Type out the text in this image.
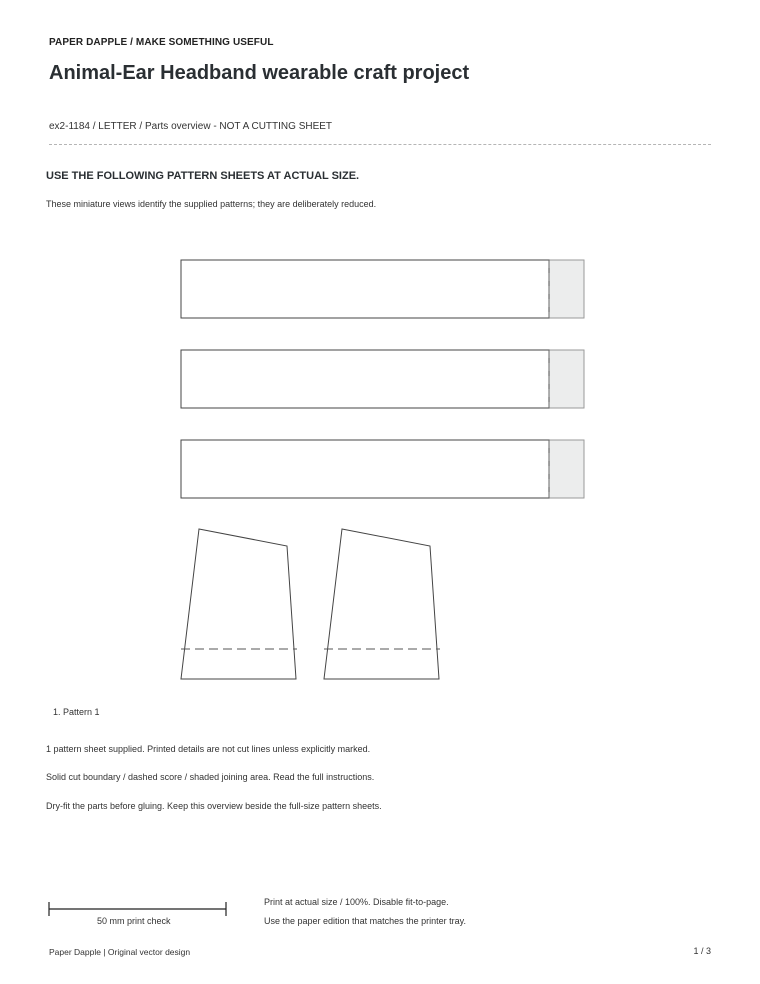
PAPER DAPPLE / MAKE SOMETHING USEFUL
Animal-Ear Headband wearable craft project
ex2-1184 / LETTER / Parts overview - NOT A CUTTING SHEET
USE THE FOLLOWING PATTERN SHEETS AT ACTUAL SIZE.
These miniature views identify the supplied patterns; they are deliberately reduced.
1. Pattern 1
1 pattern sheet supplied. Printed details are not cut lines unless explicitly marked.
Solid cut boundary / dashed score / shaded joining area. Read the full instructions.
Dry-fit the parts before gluing. Keep this overview beside the full-size pattern sheets.
50 mm print check
Print at actual size / 100%. Disable fit-to-page.
Use the paper edition that matches the printer tray.
Paper Dapple | Original vector design	1 / 3
